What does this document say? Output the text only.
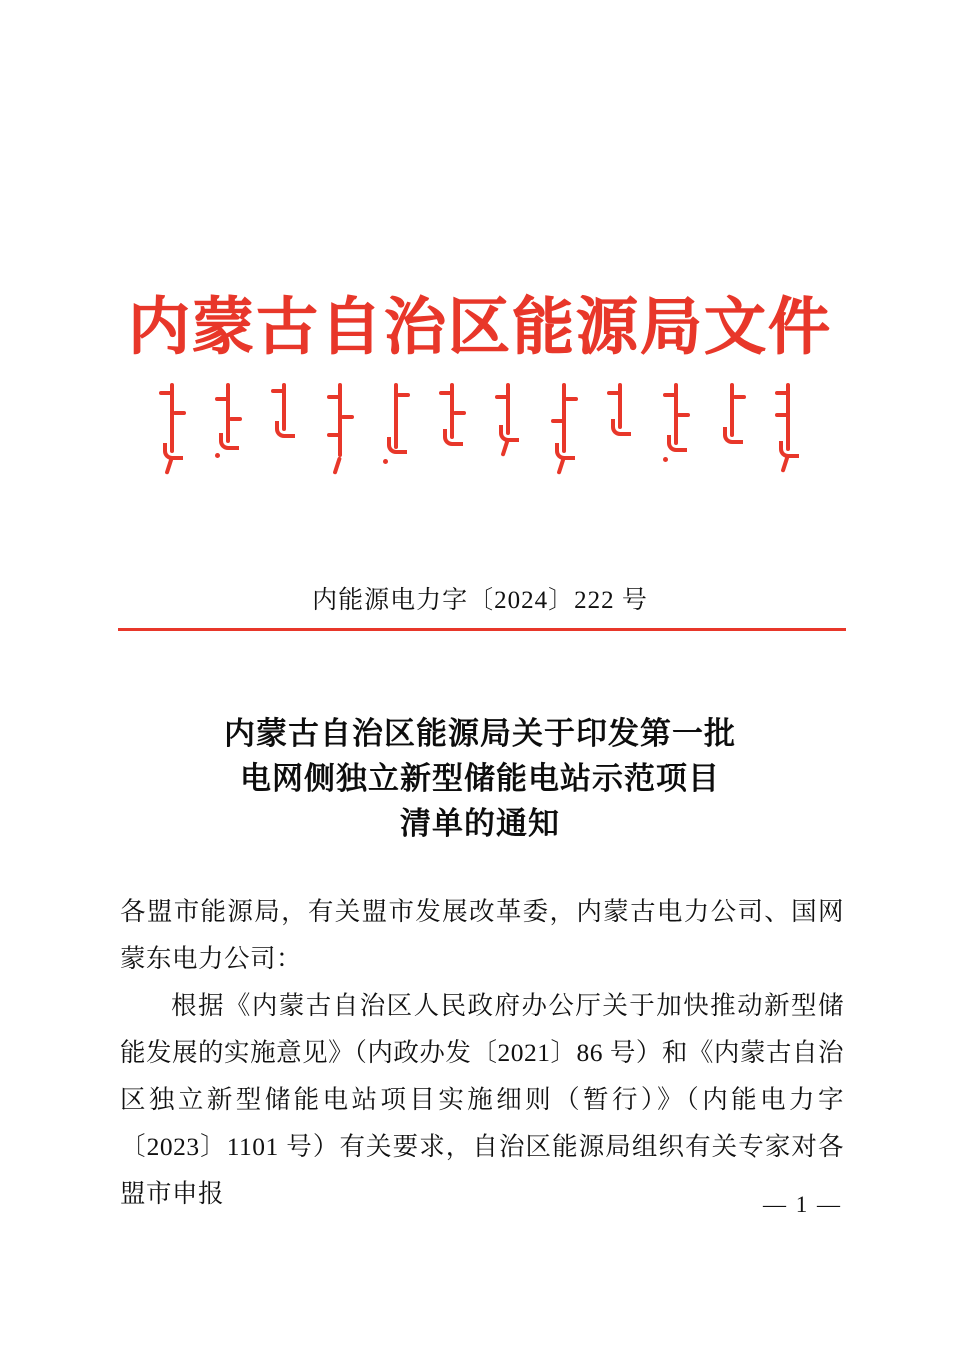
内蒙古自治区能源局文件
内能源电力字〔2024〕222 号
内蒙古自治区能源局关于印发第一批
电网侧独立新型储能电站示范项目
清单的通知

各盟市能源局，有关盟市发展改革委，内蒙古电力公司、国网蒙东电力公司：

根据《内蒙古自治区人民政府办公厅关于加快推动新型储能发展的实施意见》（内政办发〔2021〕86 号）和《内蒙古自治区独立新型储能电站项目实施细则（暂行）》（内能电力字〔2023〕1101 号）有关要求，自治区能源局组织有关专家对各盟市申报	— 1 —
